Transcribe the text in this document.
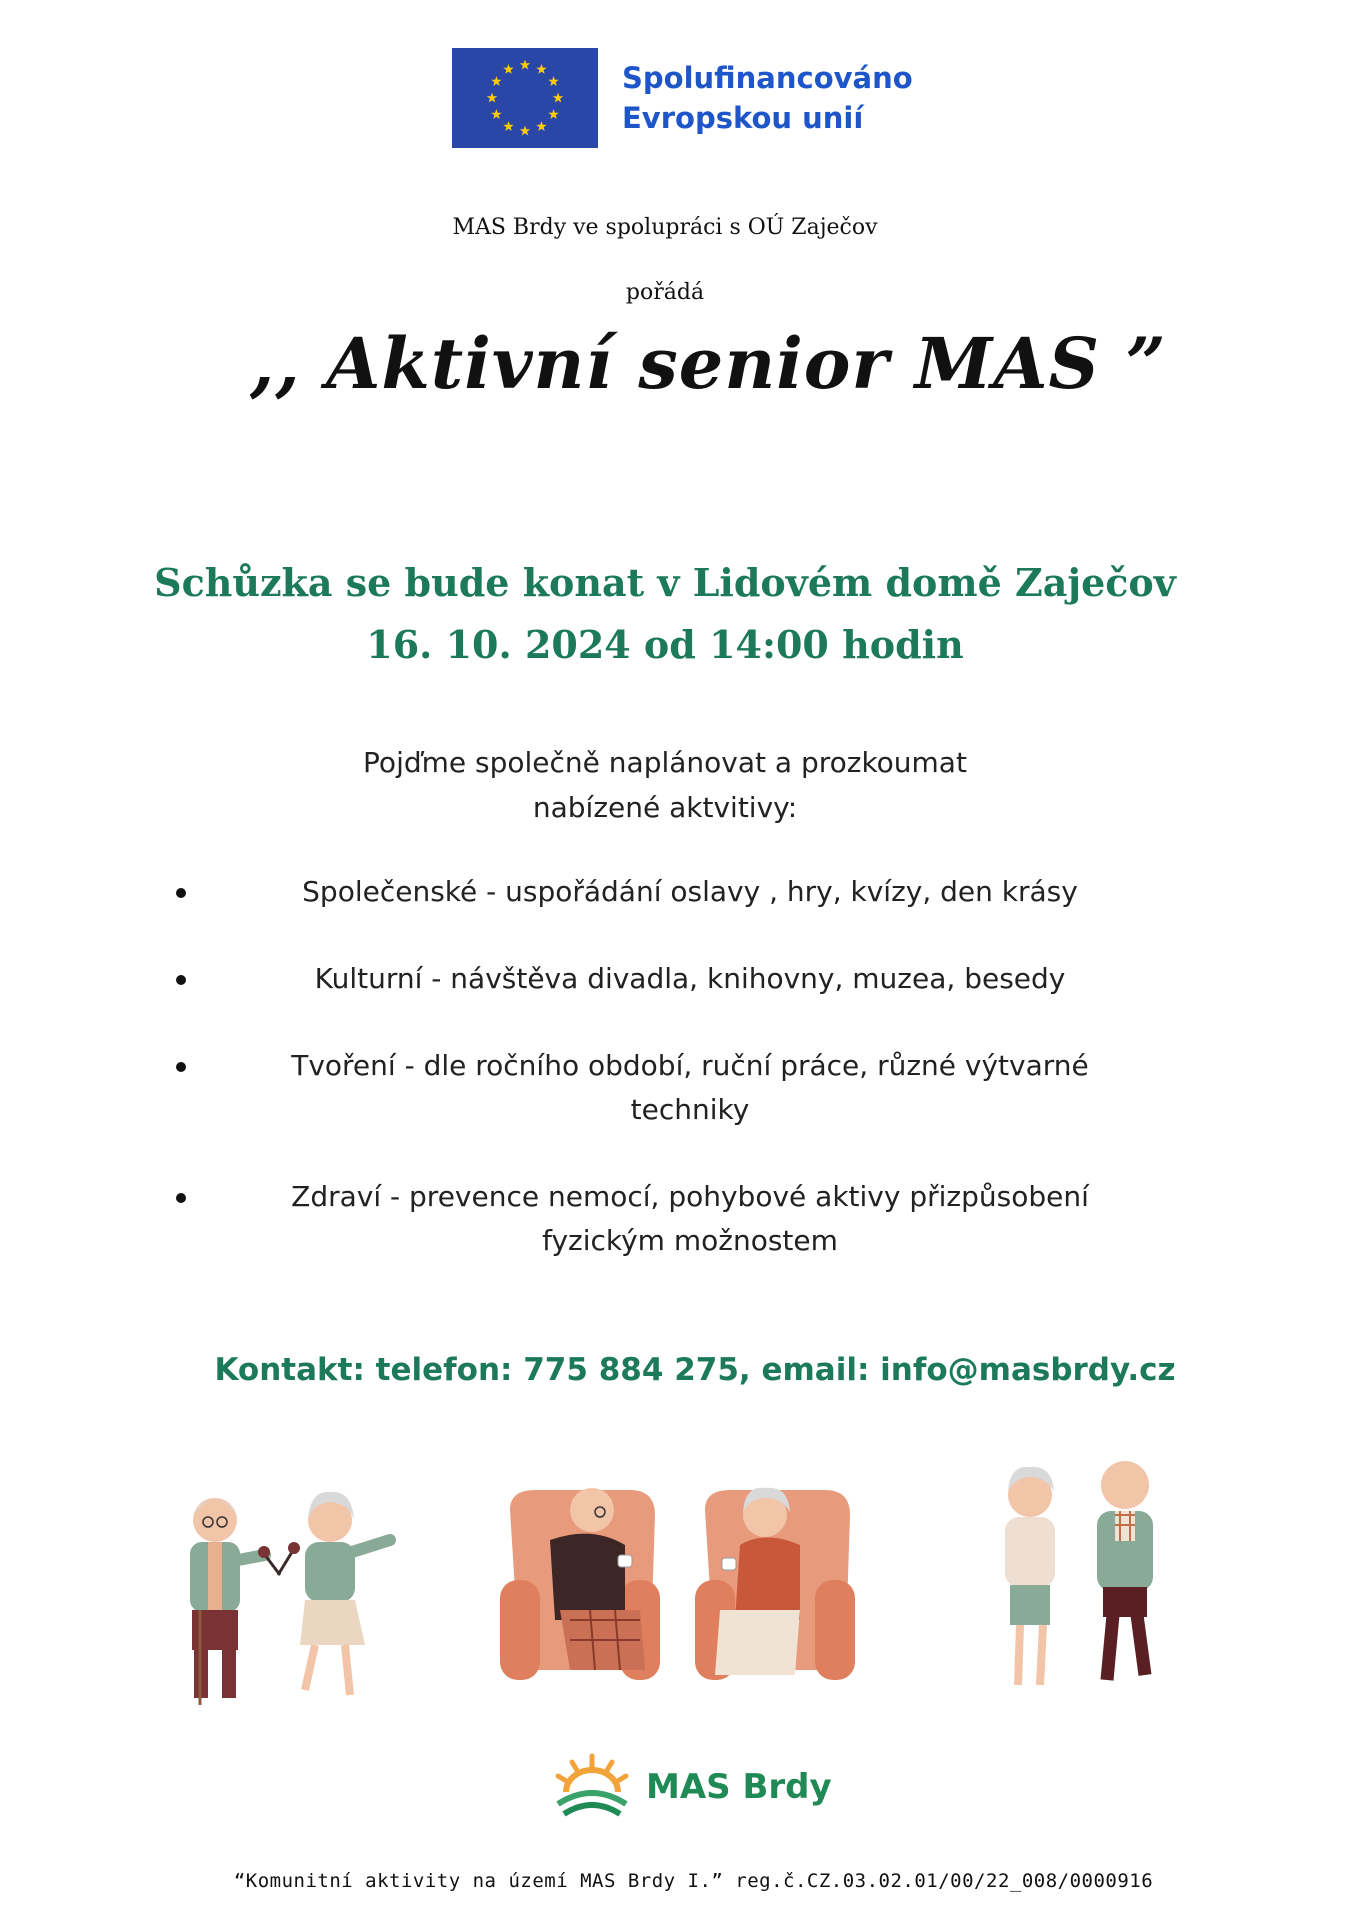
Spolufinancováno
Evropskou unií
MAS Brdy ve spolupráci s OÚ Zaječov
pořádá
,, Aktivní senior MAS ”
Schůzka se bude konat v Lidovém domě Zaječov
16. 10. 2024 od 14:00 hodin
Pojďme společně naplánovat a prozkoumat
nabízené aktvitivy:
Společenské - uspořádání oslavy , hry, kvízy, den krásy
Kulturní - návštěva divadla, knihovny, muzea, besedy
Tvoření - dle ročního období, ruční práce, různé výtvarné
techniky
Zdraví - prevence nemocí, pohybové aktivy přizpůsobení
fyzickým možnostem
Kontakt: telefon: 775 884 275, email: info@masbrdy.cz
MAS Brdy
“Komunitní aktivity na území MAS Brdy I.” reg.č.CZ.03.02.01/00/22_008/0000916
